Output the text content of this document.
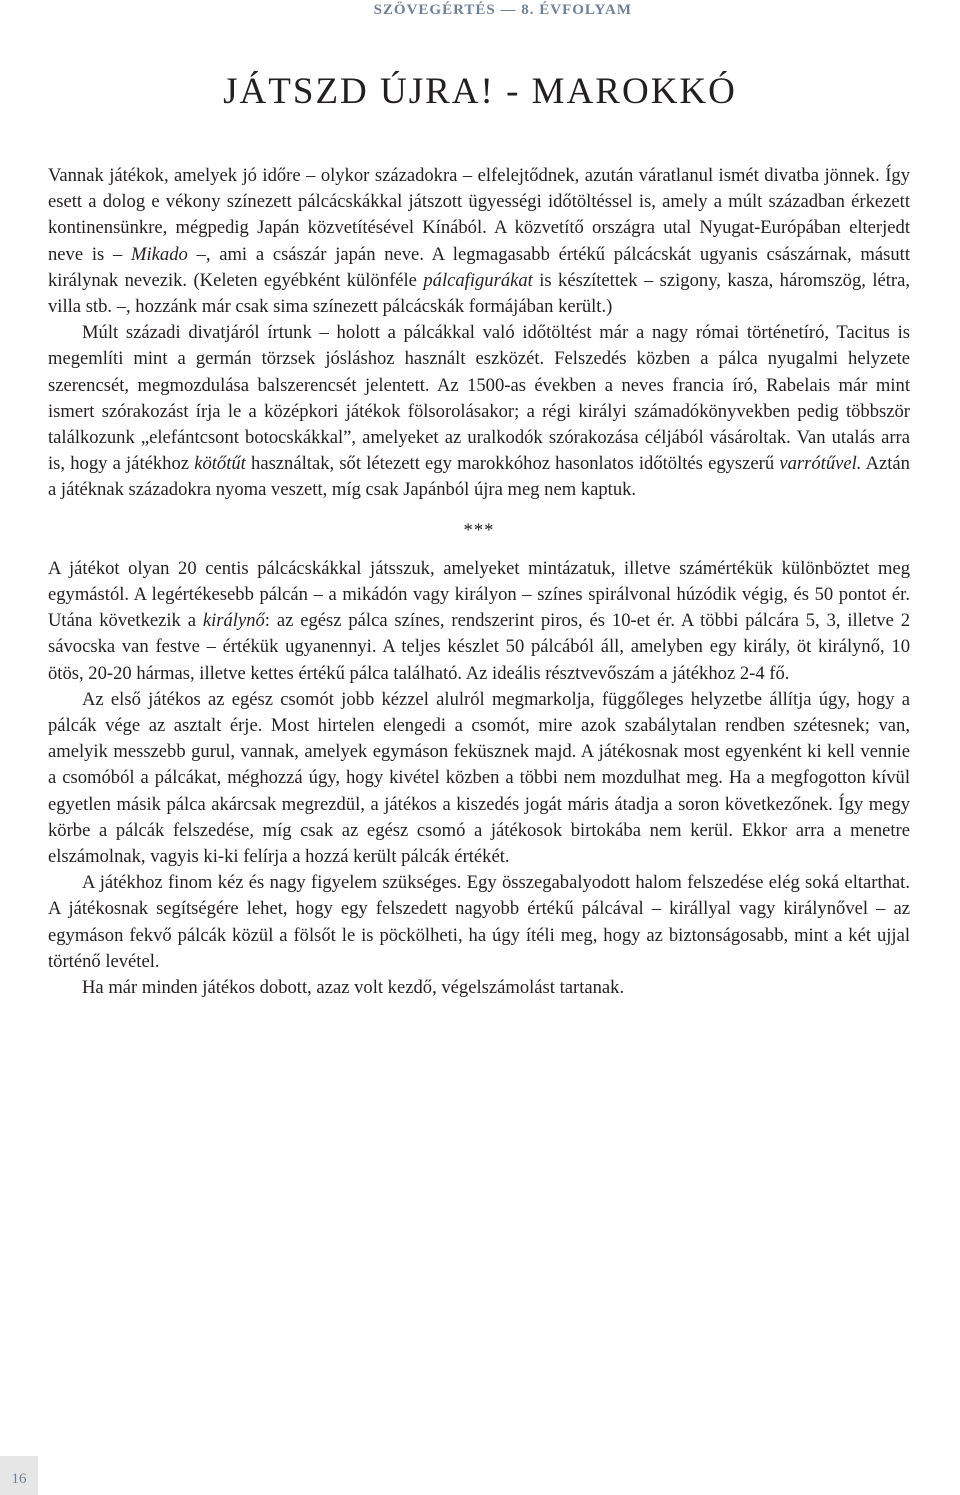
SZÖVEGÉRTÉS — 8. ÉVFOLYAM
JÁTSZD ÚJRA! - MAROKKÓ

Vannak játékok, amelyek jó időre – olykor századokra – elfelejtődnek, azután váratlanul ismét divatba jönnek. Így esett a dolog e vékony színezett pálcácskákkal játszott ügyességi időtöltéssel is, amely a múlt században érkezett kontinensünkre, mégpedig Japán közvetítésével Kínából. A közvetítő országra utal Nyugat-Európában elterjedt neve is – Mikado –, ami a császár japán neve. A legmagasabb értékű pálcácskát ugyanis császárnak, másutt királynak nevezik. (Keleten egyébként különféle pálcafigurákat is készítettek – szigony, kasza, háromszög, létra, villa stb. –, hozzánk már csak sima színezett pálcácskák formájában került.)

Múlt századi divatjáról írtunk – holott a pálcákkal való időtöltést már a nagy római történetíró, Tacitus is megemlíti mint a germán törzsek jósláshoz használt eszközét. Felszedés közben a pálca nyugalmi helyzete szerencsét, megmozdulása balszerencsét jelentett. Az 1500-as években a neves francia író, Rabelais már mint ismert szórakozást írja le a középkori játékok fölsorolásakor; a régi királyi számadókönyvekben pedig többször találkozunk „elefántcsont botocskákkal”, amelyeket az uralkodók szórakozása céljából vásároltak. Van utalás arra is, hogy a játékhoz kötőtűt használtak, sőt létezett egy marokkóhoz hasonlatos időtöltés egyszerű varrótűvel. Aztán a játéknak századokra nyoma veszett, míg csak Japánból újra meg nem kaptuk.

***

A játékot olyan 20 centis pálcácskákkal játsszuk, amelyeket mintázatuk, illetve számértékük különböztet meg egymástól. A legértékesebb pálcán – a mikádón vagy királyon – színes spirálvonal húzódik végig, és 50 pontot ér. Utána következik a királynő: az egész pálca színes, rendszerint piros, és 10-et ér. A többi pálcára 5, 3, illetve 2 sávocska van festve – értékük ugyanennyi. A teljes készlet 50 pálcából áll, amelyben egy király, öt királynő, 10 ötös, 20-20 hármas, illetve kettes értékű pálca található. Az ideális résztvevőszám a játékhoz 2-4 fő.

Az első játékos az egész csomót jobb kézzel alulról megmarkolja, függőleges helyzetbe állítja úgy, hogy a pálcák vége az asztalt érje. Most hirtelen elengedi a csomót, mire azok szabálytalan rendben szétesnek; van, amelyik messzebb gurul, vannak, amelyek egymáson feküsznek majd. A játékosnak most egyenként ki kell vennie a csomóból a pálcákat, méghozzá úgy, hogy kivétel közben a többi nem mozdulhat meg. Ha a megfogotton kívül egyetlen másik pálca akárcsak megrezdül, a játékos a kiszedés jogát máris átadja a soron következőnek. Így megy körbe a pálcák felszedése, míg csak az egész csomó a játékosok birtokába nem kerül. Ekkor arra a menetre elszámolnak, vagyis ki-ki felírja a hozzá került pálcák értékét.

A játékhoz finom kéz és nagy figyelem szükséges. Egy összegabalyodott halom felszedése elég soká eltarthat. A játékosnak segítségére lehet, hogy egy felszedett nagyobb értékű pálcával – királlyal vagy királynővel – az egymáson fekvő pálcák közül a fölsőt le is pöckölheti, ha úgy ítéli meg, hogy az biztonságosabb, mint a két ujjal történő levétel.

Ha már minden játékos dobott, azaz volt kezdő, végelszámolást tartanak.

16
